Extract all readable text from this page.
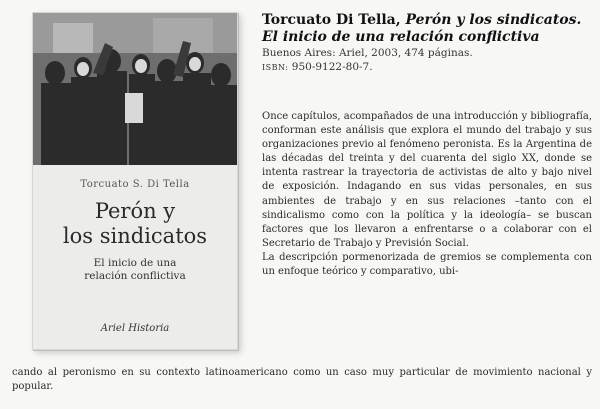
Torcuato S. Di Tella
Perón y
los sindicatos
El inicio de una
relación conflictiva
Ariel Historia
Torcuato Di Tella, Perón y los sindicatos.
El inicio de una relación conflictiva
Buenos Aires: Ariel, 2003, 474 páginas.
ISBN: 950-9122-80-7.

Once capítulos, acompañados de una introducción y bibliografía, conforman este análisis que explora el mundo del trabajo y sus organizaciones previo al fenómeno peronista. Es la Argentina de las décadas del treinta y del cuarenta del siglo XX, donde se intenta rastrear la trayectoria de activistas de alto y bajo nivel de exposición. Indagando en sus vidas personales, en sus ambientes de trabajo y en sus relaciones –tanto con el sindicalismo como con la política y la ideología– se buscan factores que los llevaron a enfrentarse o a colaborar con el Secretario de Trabajo y Previsión Social.

La descripción pormenorizada de gremios se complementa con un enfoque teórico y comparativo, ubi-

cando al peronismo en su contexto latinoamericano como un caso muy particular de movimiento nacional y popular.
